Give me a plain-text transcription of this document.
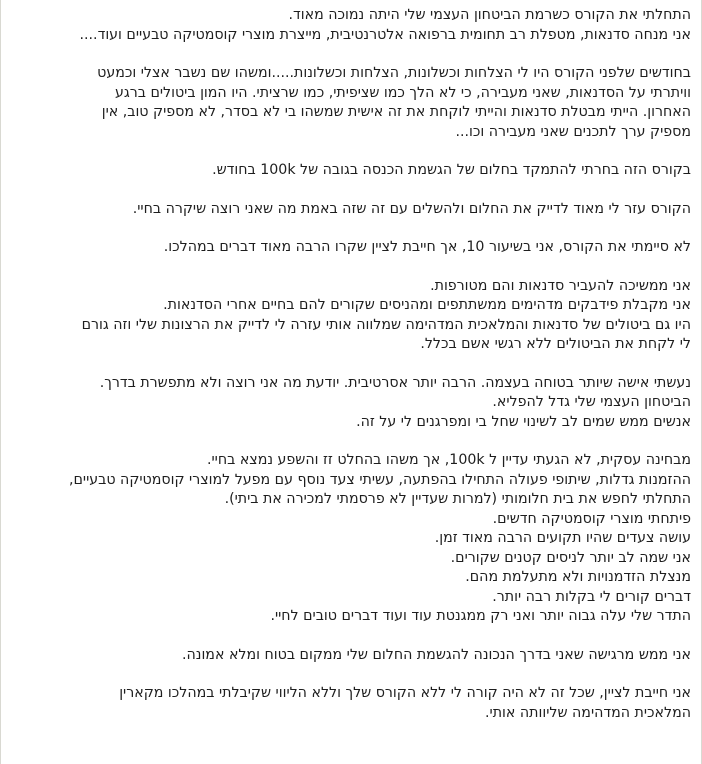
התחלתי את הקורס כשרמת הביטחון העצמי שלי היתה נמוכה מאוד.
אני מנחה סדנאות, מטפלת רב תחומית ברפואה אלטרנטיבית, מייצרת מוצרי קוסמטיקה טבעיים ועוד....

בחודשים שלפני הקורס היו לי הצלחות וכשלונות, הצלחות וכשלונות.....ומשהו שם נשבר אצלי וכמעט
וויתרתי על הסדנאות, שאני מעבירה, כי לא הלך כמו שציפיתי, כמו שרציתי. היו המון ביטולים ברגע
האחרון. הייתי מבטלת סדנאות והייתי לוקחת את זה אישית שמשהו בי לא בסדר, לא מספיק טוב, אין
מספיק ערך לתכנים שאני מעבירה וכו...

בקורס הזה בחרתי להתמקד בחלום של הגשמת הכנסה בגובה של 100k בחודש.

הקורס עזר לי מאוד לדייק את החלום ולהשלים עם זה שזה באמת מה שאני רוצה שיקרה בחיי.

לא סיימתי את הקורס, אני בשיעור 10, אך חייבת לציין שקרו הרבה מאוד דברים במהלכו.

אני ממשיכה להעביר סדנאות והם מטורפות.
אני מקבלת פידבקים מדהימים ממשתתפים ומהניסים שקורים להם בחיים אחרי הסדנאות.
היו גם ביטולים של סדנאות והמלאכית המדהימה שמלווה אותי עזרה לי לדייק את הרצונות שלי וזה גורם
לי לקחת את הביטולים ללא רגשי אשם בכלל.

נעשתי אישה שיותר בטוחה בעצמה. הרבה יותר אסרטיבית. יודעת מה אני רוצה ולא מתפשרת בדרך.
הביטחון העצמי שלי גדל להפליא.
אנשים ממש שמים לב לשינוי שחל בי ומפרגנים לי על זה.

מבחינה עסקית, לא הגעתי עדיין ל 100k, אך משהו בהחלט זז והשפע נמצא בחיי.
ההזמנות גדלות, שיתופי פעולה התחילו בהפתעה, עשיתי צעד נוסף עם מפעל למוצרי קוסמטיקה טבעיים,
התחלתי לחפש את בית חלומותי (למרות שעדיין לא פרסמתי למכירה את ביתי).
פיתחתי מוצרי קוסמטיקה חדשים.
עושה צעדים שהיו תקועים הרבה מאוד זמן.
אני שמה לב יותר לניסים קטנים שקורים.
מנצלת הזדמנויות ולא מתעלמת מהם.
דברים קורים לי בקלות רבה יותר.
התדר שלי עלה גבוה יותר ואני רק ממגנטת עוד ועוד דברים טובים לחיי.

אני ממש מרגישה שאני בדרך הנכונה להגשמת החלום שלי ממקום בטוח ומלא אמונה.

אני חייבת לציין, שכל זה לא היה קורה לי ללא הקורס שלך וללא הליווי שקיבלתי במהלכו מקארין
המלאכית המדהימה שליוותה אותי.
